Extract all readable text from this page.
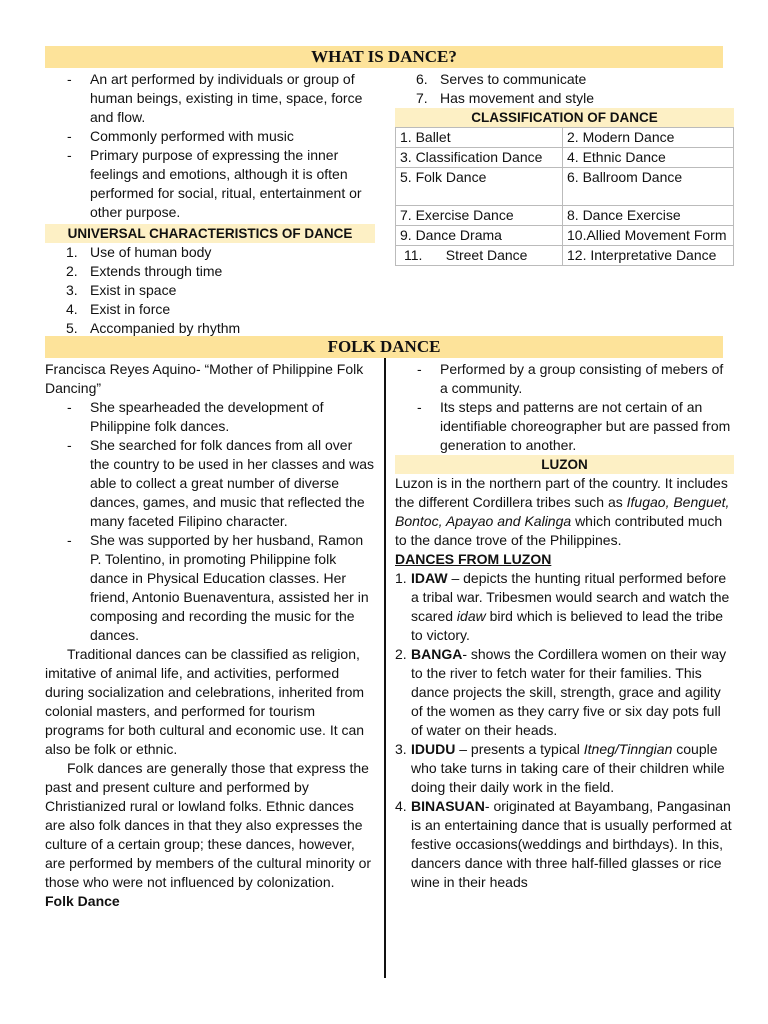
WHAT IS DANCE?
- An art performed by individuals or group of human beings, existing in time, space, force and flow.
- Commonly performed with music
- Primary purpose of expressing the inner feelings and emotions, although it is often performed for social, ritual, entertainment or other purpose.
UNIVERSAL CHARACTERISTICS OF DANCE
1. Use of human body
2. Extends through time
3. Exist in space
4. Exist in force
5. Accompanied by rhythm
6. Serves to communicate
7. Has movement and style
CLASSIFICATION OF DANCE
1. Ballet	2. Modern Dance
3. Classification Dance	4. Ethnic Dance
5. Folk Dance	6. Ballroom Dance
7. Exercise Dance	8. Dance Exercise
9. Dance Drama	10.Allied Movement Form
11.      Street Dance	12. Interpretative Dance
FOLK DANCE

Francisca Reyes Aquino- “Mother of Philippine Folk Dancing”

- She spearheaded the development of Philippine folk dances.
- She searched for folk dances from all over the country to be used in her classes and was able to collect a great number of diverse dances, games, and music that reflected the many faceted Filipino character.
- She was supported by her husband, Ramon P. Tolentino, in promoting Philippine folk dance in Physical Education classes. Her friend, Antonio Buenaventura, assisted her in composing and recording the music for the dances.

Traditional dances can be classified as religion, imitative of animal life, and activities, performed during socialization and celebrations, inherited from colonial masters, and performed for tourism programs for both cultural and economic use. It can also be folk or ethnic.

Folk dances are generally those that express the past and present culture and performed by Christianized rural or lowland folks. Ethnic dances are also folk dances in that they also expresses the culture of a certain group; these dances, however, are performed by members of the cultural minority or those who were not influenced by colonization.

Folk Dance

- Performed by a group consisting of mebers of a community.
- Its steps and patterns are not certain of an identifiable choreographer but are passed from generation to another.
LUZON

Luzon is in the northern part of the country. It includes the different Cordillera tribes such as Ifugao, Benguet, Bontoc, Apayao and Kalinga which contributed much to the dance trove of the Philippines.

DANCES FROM LUZON

1. IDAW – depicts the hunting ritual performed before a tribal war. Tribesmen would search and watch the scared idaw bird which is believed to lead the tribe to victory.
2. BANGA- shows the Cordillera women on their way to the river to fetch water for their families. This dance projects the skill, strength, grace and agility of the women as they carry five or six day pots full of water on their heads.
3. IDUDU – presents a typical Itneg/Tinngian couple who take turns in taking care of their children while doing their daily work in the field.
4. BINASUAN- originated at Bayambang, Pangasinan is an entertaining dance that is usually performed at festive occasions(weddings and birthdays). In this, dancers dance with three half-filled glasses or rice wine in their heads
